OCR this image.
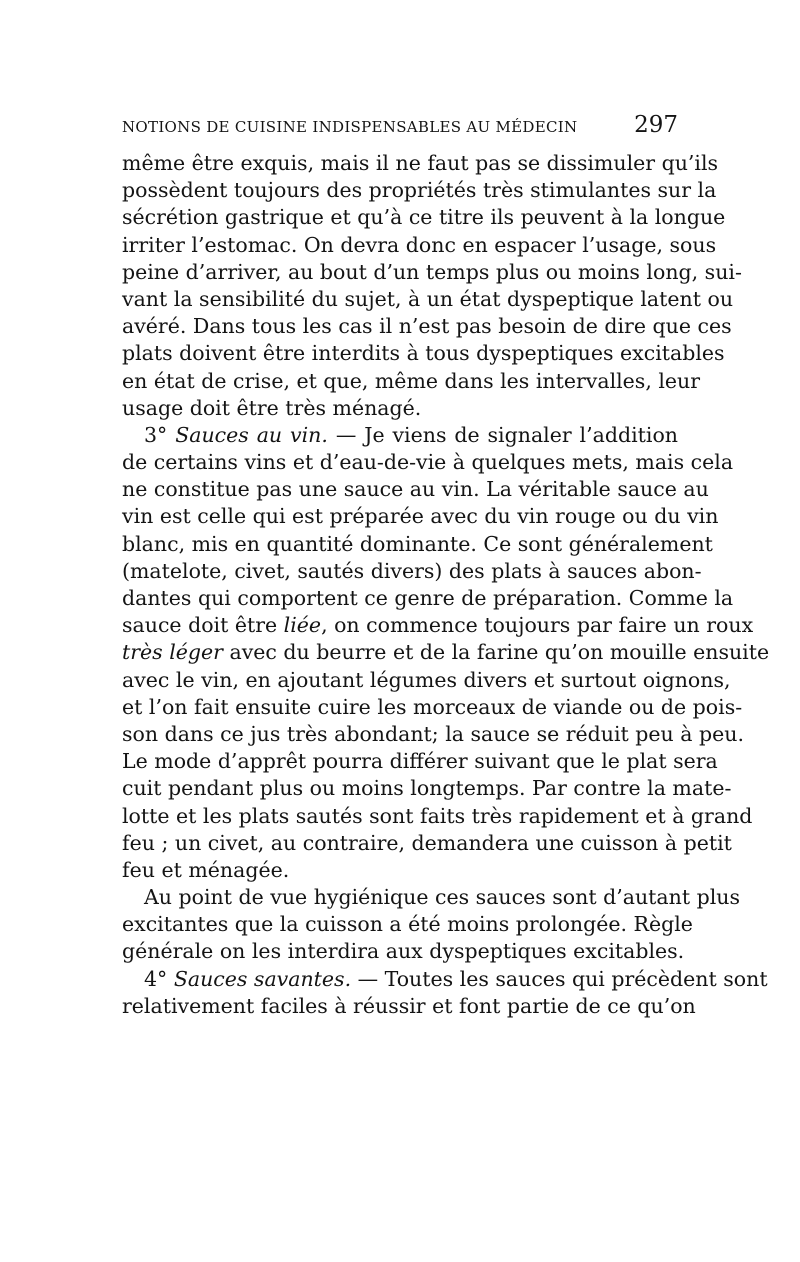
NOTIONS DE CUISINE INDISPENSABLES AU MÉDECIN 297
même être exquis, mais il ne faut pas se dissimuler qu’ils
possèdent toujours des propriétés très stimulantes sur la
sécrétion gastrique et qu’à ce titre ils peuvent à la longue
irriter l’estomac. On devra donc en espacer l’usage, sous
peine d’arriver, au bout d’un temps plus ou moins long, sui-
vant la sensibilité du sujet, à un état dyspeptique latent ou
avéré. Dans tous les cas il n’est pas besoin de dire que ces
plats doivent être interdits à tous dyspeptiques excitables
en état de crise, et que, même dans les intervalles, leur
usage doit être très ménagé.
3° Sauces au vin. — Je viens de signaler l’addition
de certains vins et d’eau-de-vie à quelques mets, mais cela
ne constitue pas une sauce au vin. La véritable sauce au
vin est celle qui est préparée avec du vin rouge ou du vin
blanc, mis en quantité dominante. Ce sont généralement
(matelote, civet, sautés divers) des plats à sauces abon-
dantes qui comportent ce genre de préparation. Comme la
sauce doit être liée, on commence toujours par faire un roux
très léger avec du beurre et de la farine qu’on mouille ensuite
avec le vin, en ajoutant légumes divers et surtout oignons,
et l’on fait ensuite cuire les morceaux de viande ou de pois-
son dans ce jus très abondant; la sauce se réduit peu à peu.
Le mode d’apprêt pourra différer suivant que le plat sera
cuit pendant plus ou moins longtemps. Par contre la mate-
lotte et les plats sautés sont faits très rapidement et à grand
feu ; un civet, au contraire, demandera une cuisson à petit
feu et ménagée.
Au point de vue hygiénique ces sauces sont d’autant plus
excitantes que la cuisson a été moins prolongée. Règle
générale on les interdira aux dyspeptiques excitables.
4° Sauces savantes. — Toutes les sauces qui précèdent sont
relativement faciles à réussir et font partie de ce qu’on
